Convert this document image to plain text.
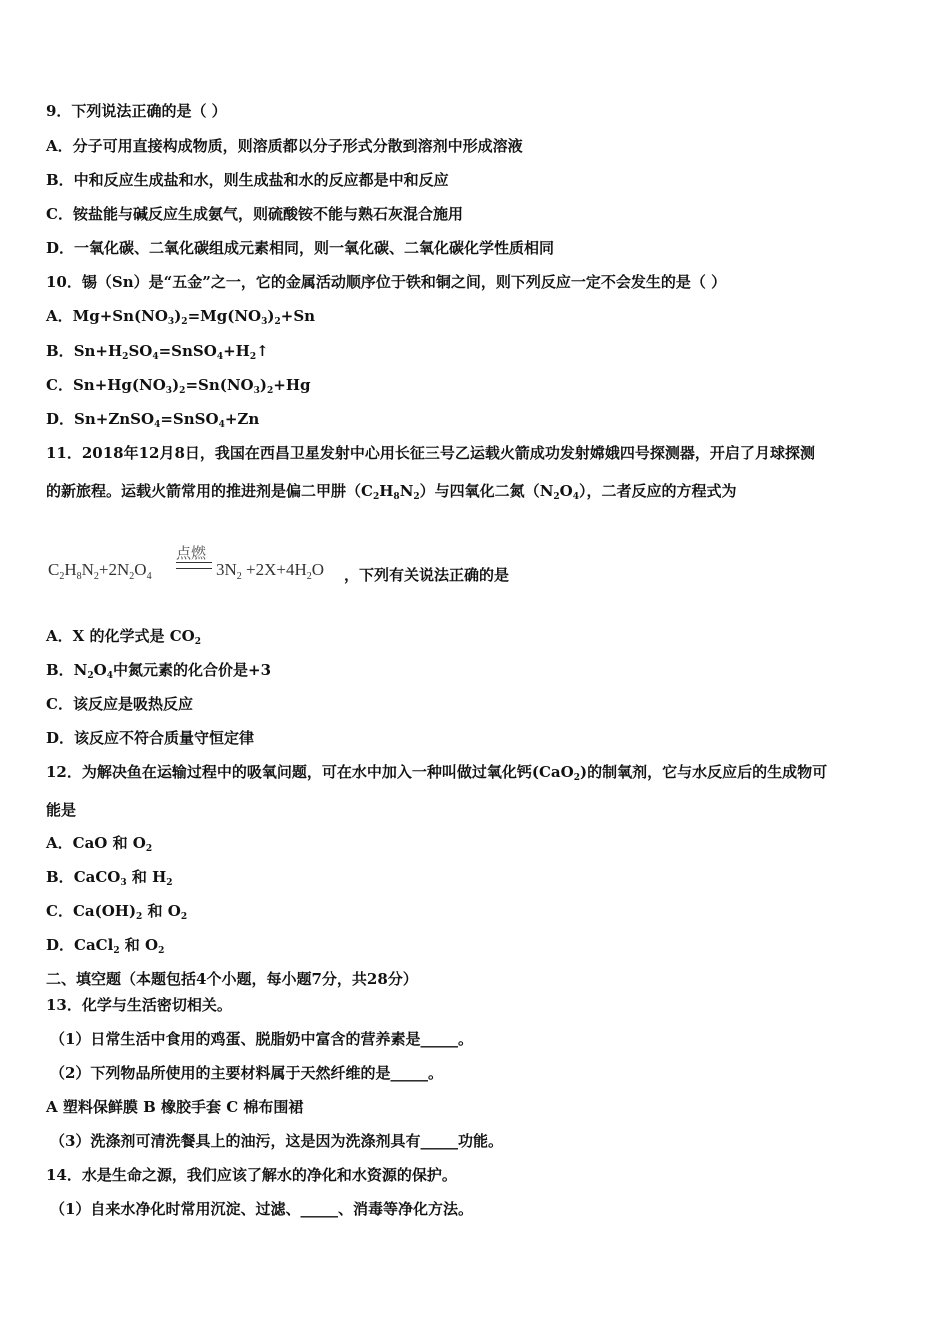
9．下列说法正确的是（ ）
A．分子可用直接构成物质，则溶质都以分子形式分散到溶剂中形成溶液
B．中和反应生成盐和水，则生成盐和水的反应都是中和反应
C．铵盐能与碱反应生成氨气，则硫酸铵不能与熟石灰混合施用
D．一氧化碳、二氧化碳组成元素相同，则一氧化碳、二氧化碳化学性质相同
10．锡（Sn）是“五金”之一，它的金属活动顺序位于铁和铜之间，则下列反应一定不会发生的是（ ）
A．$Mg+Sn(NO_3)_2=Mg(NO_3)_2+Sn$
B．$Sn+H_2SO_4=SnSO_4+H_2↑$
C．$Sn+Hg(NO_3)_2=Sn(NO_3)_2+Hg$
D．Sn+ZnSO$_4$=SnSO$_4$+Zn
11．2018年12月8日，我国在西昌卫星发射中心用长征三号乙运载火箭成功发射嫦娥四号探测器，开启了月球探测
的新旅程。运载火箭常用的推进剂是偏二甲肼$(C_2H_8N_2)$与四氧化二氮$(N_2O_4)$，二者反应的方程式为
$C_2H_8N_2+2N_2O_4$
点燃
$3N_2 +2X+4H_2O$ ，下列有关说法正确的是
A．X 的化学式是 $CO_2$
B．$N_2O_4$中氮元素的化合价是+3
C．该反应是吸热反应
D．该反应不符合质量守恒定律
12．为解决鱼在运输过程中的吸氧问题，可在水中加入一种叫做过氧化钙(CaO$_2$)的制氧剂，它与水反应后的生成物可
能是
A．CaO 和 $O_2$
B．CaCO$_3$ 和 $H_2$
C．$Ca(OH)_2$ 和 $O_2$
D．CaCl$_2$ 和 $O_2$
二、填空题（本题包括4个小题，每小题7分，共28分）
13．化学与生活密切相关。
（1）日常生活中食用的鸡蛋、脱脂奶中富含的营养素是_____。
（2）下列物品所使用的主要材料属于天然纤维的是_____。
A 塑料保鲜膜 B 橡胶手套 C 棉布围裙
（3）洗涤剂可清洗餐具上的油污，这是因为洗涤剂具有_____功能。
14．水是生命之源，我们应该了解水的净化和水资源的保护。
（1）自来水净化时常用沉淀、过滤、_____、消毒等净化方法。
